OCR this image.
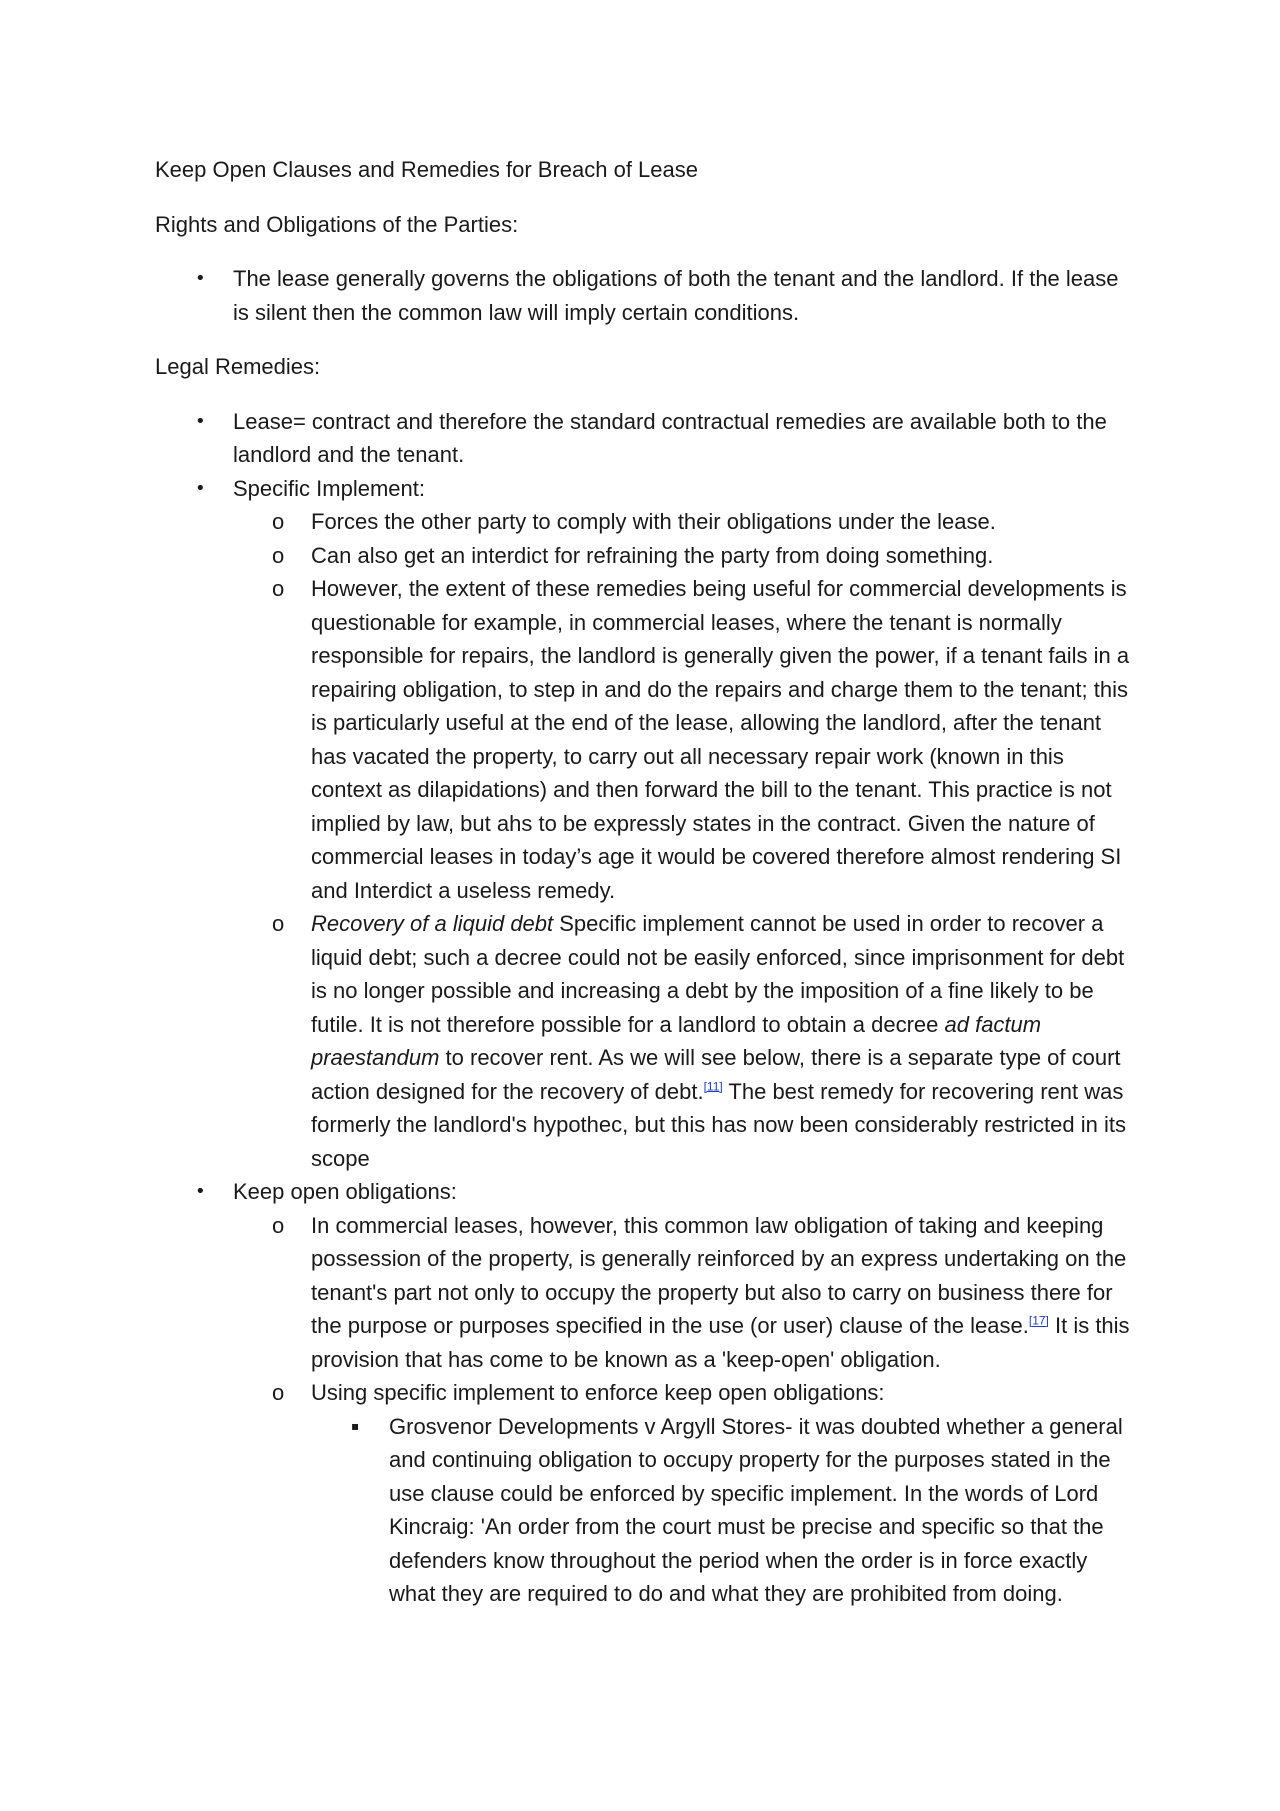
Keep Open Clauses and Remedies for Breach of Lease

Rights and Obligations of the Parties:

•	The lease generally governs the obligations of both the tenant and the landlord. If the lease is silent then the common law will imply certain conditions.

Legal Remedies:

•	Lease= contract and therefore the standard contractual remedies are available both to the landlord and the tenant.
•	Specific Implement:
o	Forces the other party to comply with their obligations under the lease.
o	Can also get an interdict for refraining the party from doing something.
o	However, the extent of these remedies being useful for commercial developments is questionable for example, in commercial leases, where the tenant is normally responsible for repairs, the landlord is generally given the power, if a tenant fails in a repairing obligation, to step in and do the repairs and charge them to the tenant; this is particularly useful at the end of the lease, allowing the landlord, after the tenant has vacated the property, to carry out all necessary repair work (known in this context as dilapidations) and then forward the bill to the tenant. This practice is not implied by law, but ahs to be expressly states in the contract. Given the nature of commercial leases in today’s age it would be covered therefore almost rendering SI and Interdict a useless remedy.
o	Recovery of a liquid debt Specific implement cannot be used in order to recover a liquid debt; such a decree could not be easily enforced, since imprisonment for debt is no longer possible and increasing a debt by the imposition of a fine likely to be futile. It is not therefore possible for a landlord to obtain a decree ad factum praestandum to recover rent. As we will see below, there is a separate type of court action designed for the recovery of debt.[11] The best remedy for recovering rent was formerly the landlord's hypothec, but this has now been considerably restricted in its scope
•	Keep open obligations:
o	In commercial leases, however, this common law obligation of taking and keeping possession of the property, is generally reinforced by an express undertaking on the tenant's part not only to occupy the property but also to carry on business there for the purpose or purposes specified in the use (or user) clause of the lease.[17] It is this provision that has come to be known as a 'keep-open' obligation.
o	Using specific implement to enforce keep open obligations:
▪	Grosvenor Developments v Argyll Stores- it was doubted whether a general and continuing obligation to occupy property for the purposes stated in the use clause could be enforced by specific implement. In the words of Lord Kincraig: 'An order from the court must be precise and specific so that the defenders know throughout the period when the order is in force exactly what they are required to do and what they are prohibited from doing.
